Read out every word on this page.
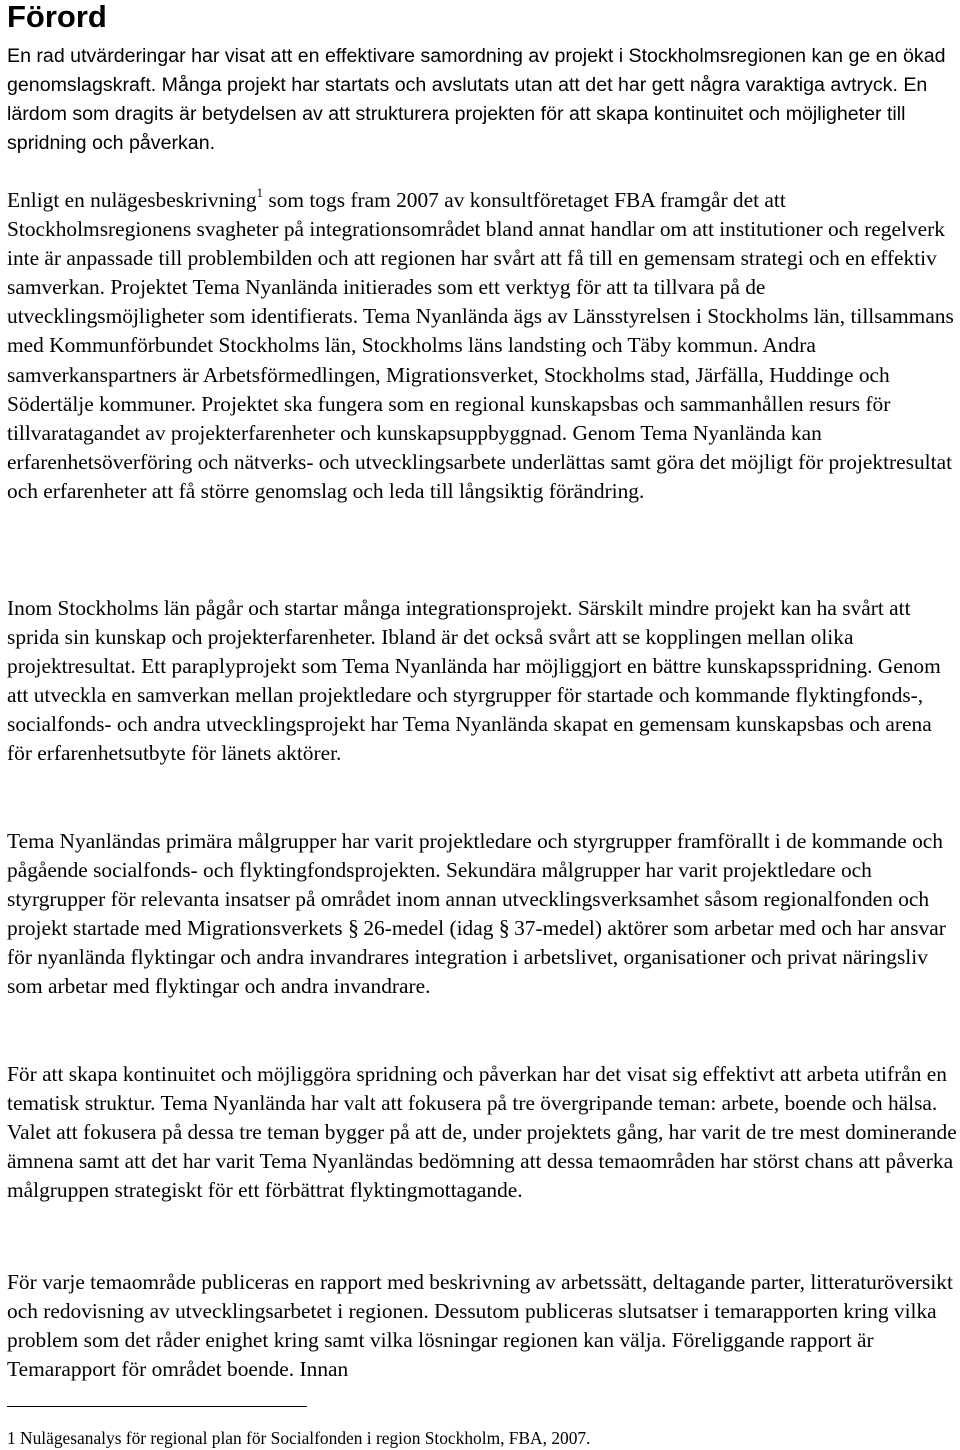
Förord

En rad utvärderingar har visat att en effektivare samordning av projekt i Stockholmsregionen kan ge en ökad genomslagskraft. Många projekt har startats och avslutats utan att det har gett några varaktiga avtryck. En lärdom som dragits är betydelsen av att strukturera projekten för att skapa kontinuitet och möjligheter till spridning och påverkan.

Enligt en nulägesbeskrivning$^1$ som togs fram 2007 av konsultföretaget FBA framgår det att Stockholmsregionens svagheter på integrationsområdet bland annat handlar om att institutioner och regelverk inte är anpassade till problembilden och att regionen har svårt att få till en gemensam strategi och en effektiv samverkan. Projektet Tema Nyanlända initierades som ett verktyg för att ta tillvara på de utvecklingsmöjligheter som identifierats. Tema Nyanlända ägs av Länsstyrelsen i Stockholms län, tillsammans med Kommunförbundet Stockholms län, Stockholms läns landsting och Täby kommun. Andra samverkanspartners är Arbetsförmedlingen, Migrationsverket, Stockholms stad, Järfälla, Huddinge och Södertälje kommuner. Projektet ska fungera som en regional kunskapsbas och sammanhållen resurs för tillvaratagandet av projekterfarenheter och kunskapsuppbyggnad. Genom Tema Nyanlända kan erfarenhetsöverföring och nätverks- och utvecklingsarbete underlättas samt göra det möjligt för projektresultat och erfarenheter att få större genomslag och leda till långsiktig förändring.

Inom Stockholms län pågår och startar många integrationsprojekt. Särskilt mindre projekt kan ha svårt att sprida sin kunskap och projekterfarenheter. Ibland är det också svårt att se kopplingen mellan olika projektresultat. Ett paraplyprojekt som Tema Nyanlända har möjliggjort en bättre kunskapsspridning. Genom att utveckla en samverkan mellan projektledare och styrgrupper för startade och kommande flyktingfonds-, socialfonds- och andra utvecklingsprojekt har Tema Nyanlända skapat en gemensam kunskapsbas och arena för erfarenhetsutbyte för länets aktörer.

Tema Nyanländas primära målgrupper har varit projektledare och styrgrupper framförallt i de kommande och pågående socialfonds- och flyktingfondsprojekten. Sekundära målgrupper har varit projektledare och styrgrupper för relevanta insatser på området inom annan utvecklingsverksamhet såsom regionalfonden och projekt startade med Migrationsverkets § 26-medel (idag § 37-medel) aktörer som arbetar med och har ansvar för nyanlända flyktingar och andra invandrares integration i arbetslivet, organisationer och privat näringsliv som arbetar med flyktingar och andra invandrare.

För att skapa kontinuitet och möjliggöra spridning och påverkan har det visat sig effektivt att arbeta utifrån en tematisk struktur. Tema Nyanlända har valt att fokusera på tre övergripande teman: arbete, boende och hälsa. Valet att fokusera på dessa tre teman bygger på att de, under projektets gång, har varit de tre mest dominerande ämnena samt att det har varit Tema Nyanländas bedömning att dessa temaområden har störst chans att påverka målgruppen strategiskt för ett förbättrat flyktingmottagande.

För varje temaområde publiceras en rapport med beskrivning av arbetssätt, deltagande parter, litteraturöversikt och redovisning av utvecklingsarbetet i regionen. Dessutom publiceras slutsatser i temarapporten kring vilka problem som det råder enighet kring samt vilka lösningar regionen kan välja. Föreliggande rapport är Temarapport för området boende. Innan

1 Nulägesanalys för regional plan för Socialfonden i region Stockholm, FBA, 2007.
